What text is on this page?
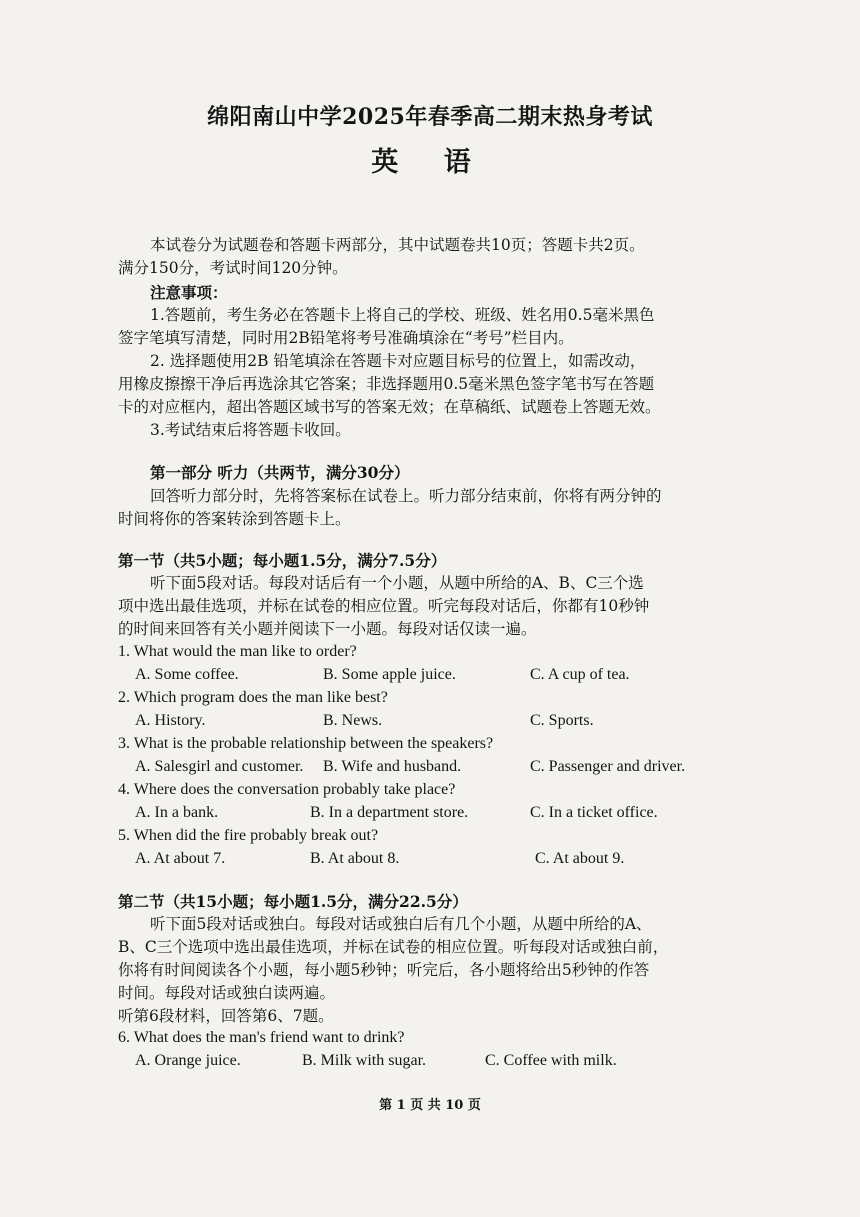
绵阳南山中学2025年春季高二期末热身考试
英 语
本试卷分为试题卷和答题卡两部分，其中试题卷共10页；答题卡共2页。
满分150分，考试时间120分钟。
注意事项：
1.答题前，考生务必在答题卡上将自己的学校、班级、姓名用0.5毫米黑色
签字笔填写清楚，同时用2B铅笔将考号准确填涂在“考号”栏目内。
2. 选择题使用2B 铅笔填涂在答题卡对应题目标号的位置上，如需改动，
用橡皮擦擦干净后再选涂其它答案；非选择题用0.5毫米黑色签字笔书写在答题
卡的对应框内，超出答题区域书写的答案无效；在草稿纸、试题卷上答题无效。
3.考试结束后将答题卡收回。
第一部分 听力（共两节，满分30分）
回答听力部分时，先将答案标在试卷上。听力部分结束前，你将有两分钟的
时间将你的答案转涂到答题卡上。
第一节（共5小题；每小题1.5分，满分7.5分）
听下面5段对话。每段对话后有一个小题，从题中所给的A、B、C三个选
项中选出最佳选项，并标在试卷的相应位置。听完每段对话后，你都有10秒钟
的时间来回答有关小题并阅读下一小题。每段对话仅读一遍。
1. What would the man like to order?
A. Some coffee.	B. Some apple juice.	C. A cup of tea.
2. Which program does the man like best?
A. History.	B. News.	C. Sports.
3. What is the probable relationship between the speakers?
A. Salesgirl and customer. B. Wife and husband.	C. Passenger and driver.
4. Where does the conversation probably take place?
A. In a bank.	B. In a department store.	C. In a ticket office.
5. When did the fire probably break out?
A. At about 7.	B. At about 8.	C. At about 9.
第二节（共15小题；每小题1.5分，满分22.5分）
听下面5段对话或独白。每段对话或独白后有几个小题，从题中所给的A、
B、C三个选项中选出最佳选项，并标在试卷的相应位置。听每段对话或独白前，
你将有时间阅读各个小题，每小题5秒钟；听完后，各小题将给出5秒钟的作答
时间。每段对话或独白读两遍。
听第6段材料，回答第6、7题。
6. What does the man's friend want to drink?
A. Orange juice.	B. Milk with sugar.	C. Coffee with milk.
第 1 页 共 10 页
